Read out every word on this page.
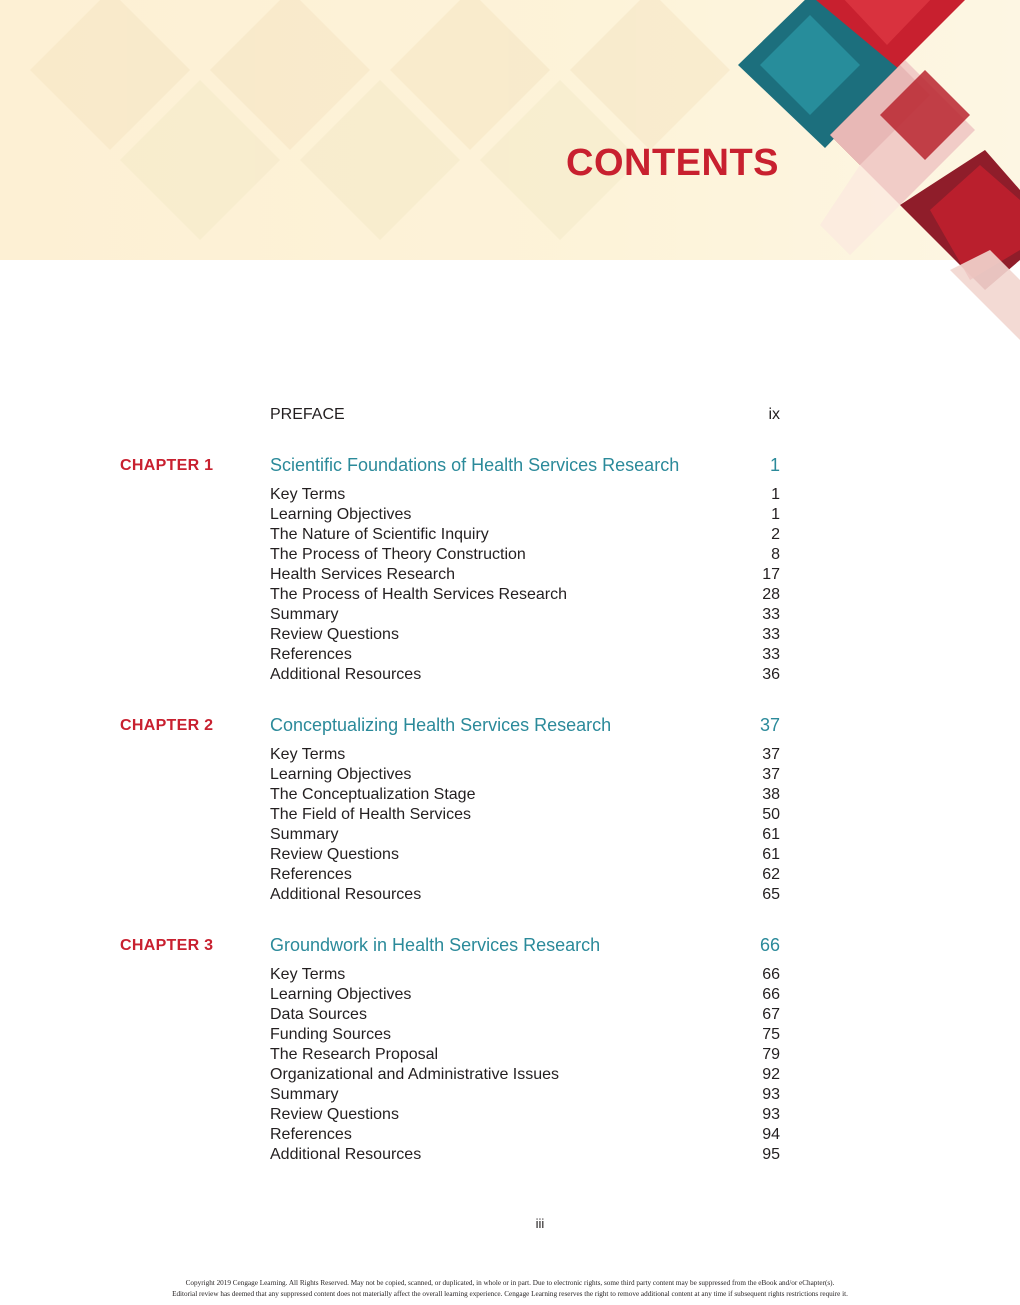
CONTENTS
PREFACE	ix
CHAPTER 1	Scientific Foundations of Health Services Research	1
Key Terms	1
Learning Objectives	1
The Nature of Scientific Inquiry	2
The Process of Theory Construction	8
Health Services Research	17
The Process of Health Services Research	28
Summary	33
Review Questions	33
References	33
Additional Resources	36
CHAPTER 2	Conceptualizing Health Services Research	37
Key Terms	37
Learning Objectives	37
The Conceptualization Stage	38
The Field of Health Services	50
Summary	61
Review Questions	61
References	62
Additional Resources	65
CHAPTER 3	Groundwork in Health Services Research	66
Key Terms	66
Learning Objectives	66
Data Sources	67
Funding Sources	75
The Research Proposal	79
Organizational and Administrative Issues	92
Summary	93
Review Questions	93
References	94
Additional Resources	95
iii
Copyright 2019 Cengage Learning. All Rights Reserved. May not be copied, scanned, or duplicated, in whole or in part. Due to electronic rights, some third party content may be suppressed from the eBook and/or eChapter(s).
Editorial review has deemed that any suppressed content does not materially affect the overall learning experience. Cengage Learning reserves the right to remove additional content at any time if subsequent rights restrictions require it.
